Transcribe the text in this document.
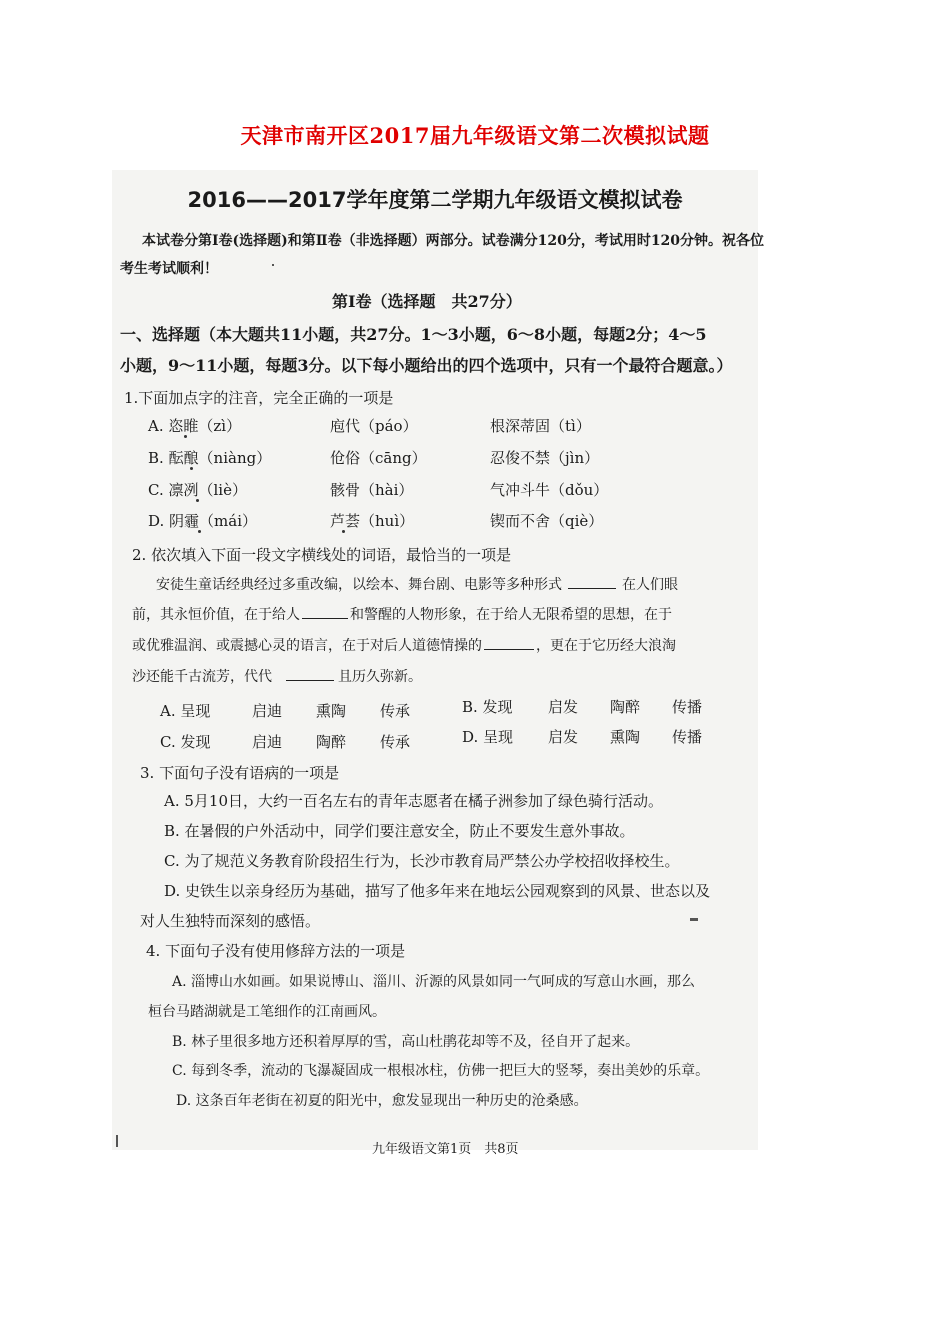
天津市南开区2017届九年级语文第二次模拟试题
2016——2017学年度第二学期九年级语文模拟试卷
本试卷分第Ⅰ卷(选择题)和第Ⅱ卷（非选择题）两部分。试卷满分120分，考试用时120分钟。祝各位
考生考试顺利！
第Ⅰ卷（选择题　共27分）
一、选择题（本大题共11小题，共27分。1～3小题，6～8小题，每题2分；4～5
小题，9～11小题，每题3分。以下每小题给出的四个选项中，只有一个最符合题意。）
1.下面加点字的注音，完全正确的一项是
A. 恣睢（zì）	庖代（páo）	根深蒂固（tì）
B. 酝酿（niàng）	伧俗（cāng）	忍俊不禁（jìn）
C. 凛冽（liè）	骸骨（hài）	气冲斗牛（dǒu）
D. 阴霾（mái）	芦荟（huì）	锲而不舍（qiè）
2. 依次填入下面一段文字横线处的词语，最恰当的一项是
安徒生童话经典经过多重改编，以绘本、舞台剧、电影等多种形式	在人们眼
前，其永恒价值，在于给人	和警醒的人物形象，在于给人无限希望的思想，在于
或优雅温润、或震撼心灵的语言，在于对后人道德情操的	，更在于它历经大浪淘
沙还能千古流芳，代代	且历久弥新。
A. 呈现	启迪 熏陶 传承	B. 发现 启发 陶醉 传播
C. 发现	启迪 陶醉 传承	D. 呈现 启发 熏陶 传播
3. 下面句子没有语病的一项是
A. 5月10日，大约一百名左右的青年志愿者在橘子洲参加了绿色骑行活动。
B. 在暑假的户外活动中，同学们要注意安全，防止不要发生意外事故。
C. 为了规范义务教育阶段招生行为，长沙市教育局严禁公办学校招收择校生。
D. 史铁生以亲身经历为基础，描写了他多年来在地坛公园观察到的风景、世态以及
对人生独特而深刻的感悟。
4. 下面句子没有使用修辞方法的一项是
A. 淄博山水如画。如果说博山、淄川、沂源的风景如同一气呵成的写意山水画，那么
桓台马踏湖就是工笔细作的江南画风。
B. 林子里很多地方还积着厚厚的雪，高山杜鹃花却等不及，径自开了起来。
C. 每到冬季，流动的飞瀑凝固成一根根冰柱，仿佛一把巨大的竖琴，奏出美妙的乐章。
D. 这条百年老街在初夏的阳光中，愈发显现出一种历史的沧桑感。
九年级语文第1页　共8页
